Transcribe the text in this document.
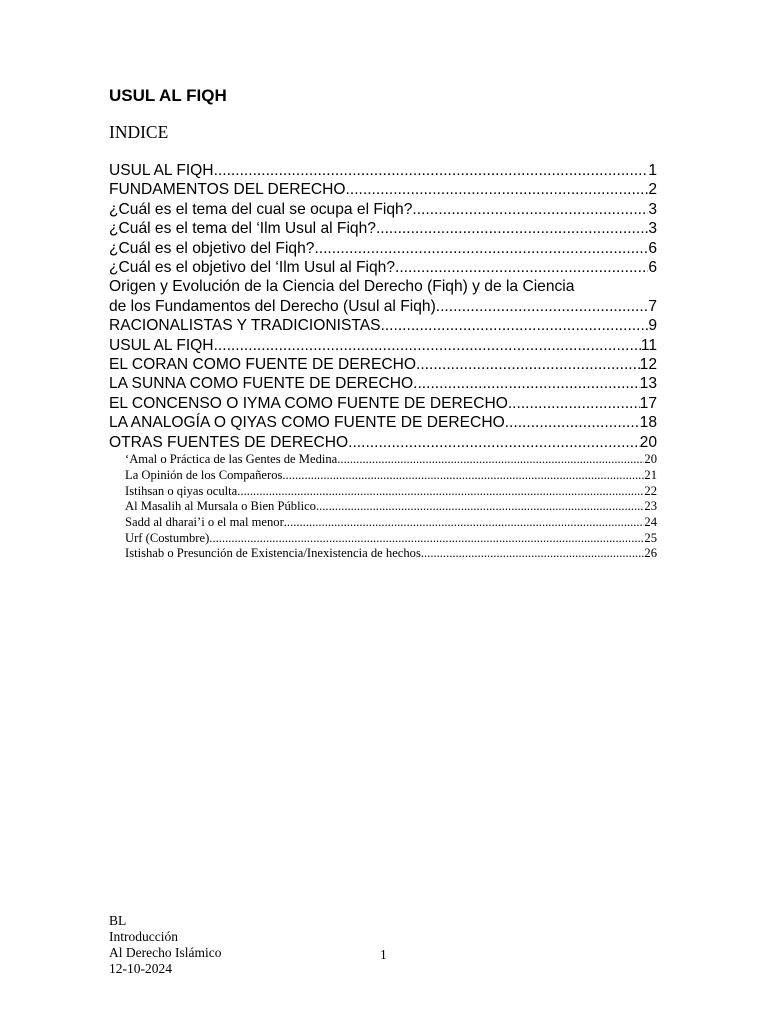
USUL AL FIQH
INDICE
USUL AL FIQH .....	1
FUNDAMENTOS DEL DERECHO .....	2
¿Cuál es el tema del cual se ocupa el Fiqh? .....	3
¿Cuál es el tema del ‘Ilm Usul al Fiqh? .....	3
¿Cuál es el objetivo del Fiqh? .....	6
¿Cuál es el objetivo del ‘Ilm Usul al Fiqh? .....	6
Origen y Evolución de la Ciencia del Derecho (Fiqh) y de la Ciencia
de los Fundamentos del Derecho (Usul al Fiqh) .....	7
RACIONALISTAS Y TRADICIONISTAS .....	9
USUL AL FIQH .....	11
EL CORAN COMO FUENTE DE DERECHO .....	12
LA SUNNA COMO FUENTE DE DERECHO .....	13
EL CONCENSO O IYMA COMO FUENTE DE DERECHO .....	17
LA ANALOGÍA O QIYAS COMO FUENTE DE DERECHO .....	18
OTRAS FUENTES DE DERECHO .....	20
‘Amal o Práctica de las Gentes de Medina .....	20
La Opinión de los Compañeros .....	21
Istihsan o qiyas oculta .....	22
Al Masalih al Mursala o Bien Público .....	23
Sadd al dharai’i o el mal menor .....	24
Urf (Costumbre) .....	25
Istishab o Presunción de Existencia/Inexistencia de hechos .....	26
BL
Introducción
Al Derecho Islámico
12-10-2024
1
